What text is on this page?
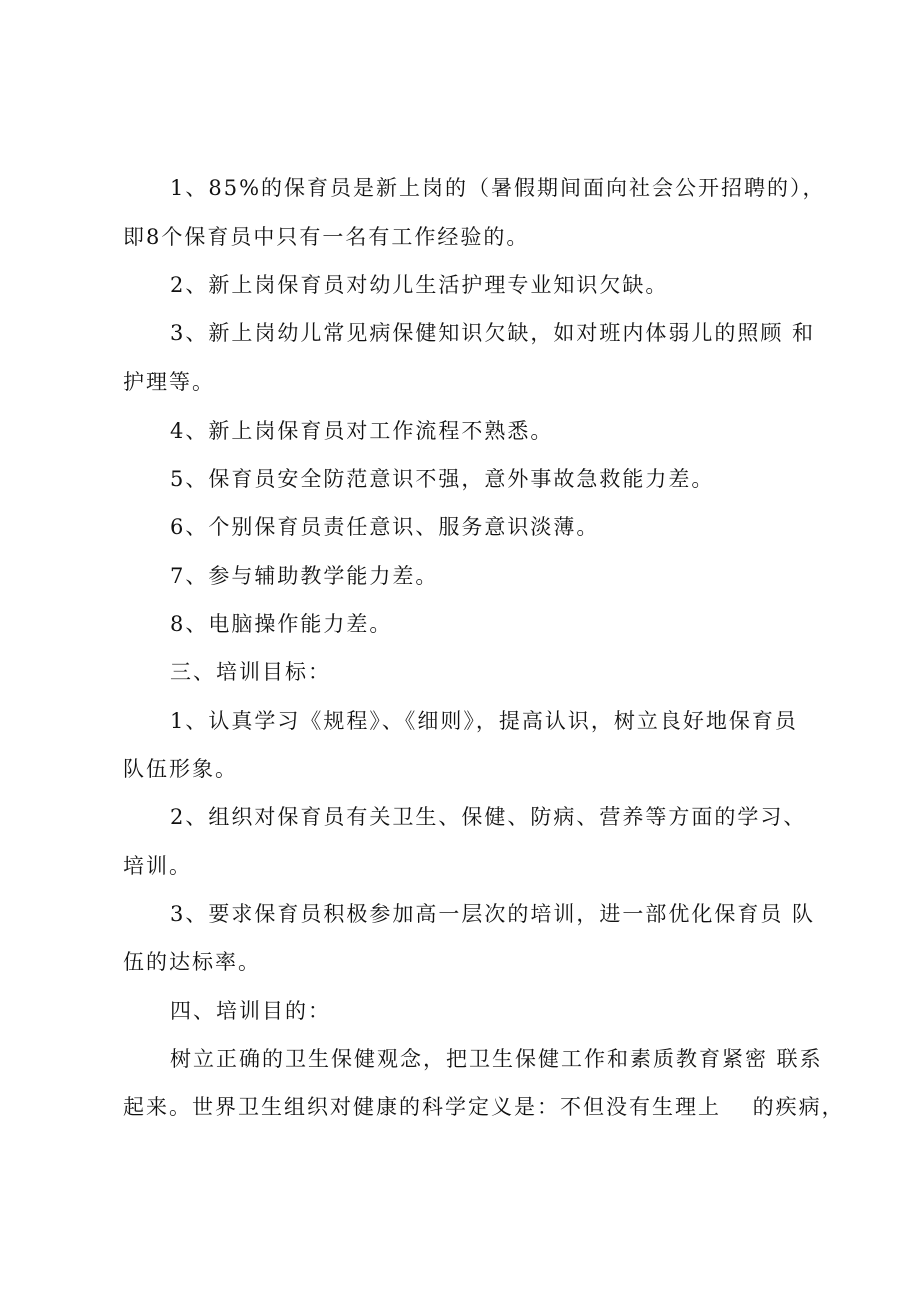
1、85%的保育员是新上岗的（暑假期间面向社会公开招聘的），
即8个保育员中只有一名有工作经验的。
2、新上岗保育员对幼儿生活护理专业知识欠缺。
3、新上岗幼儿常见病保健知识欠缺，如对班内体弱儿的照顾 和
护理等。
4、新上岗保育员对工作流程不熟悉。
5、保育员安全防范意识不强，意外事故急救能力差。
6、个别保育员责任意识、服务意识淡薄。
7、参与辅助教学能力差。
8、电脑操作能力差。
三、培训目标：
1、认真学习《规程》、《细则》，提高认识，树立良好地保育员
队伍形象。
2、组织对保育员有关卫生、保健、防病、营养等方面的学习、
培训。
3、要求保育员积极参加高一层次的培训，进一部优化保育员 队
伍的达标率。
四、培训目的：
树立正确的卫生保健观念，把卫生保健工作和素质教育紧密 联系
起来。世界卫生组织对健康的科学定义是：不但没有生理上　 的疾病，
